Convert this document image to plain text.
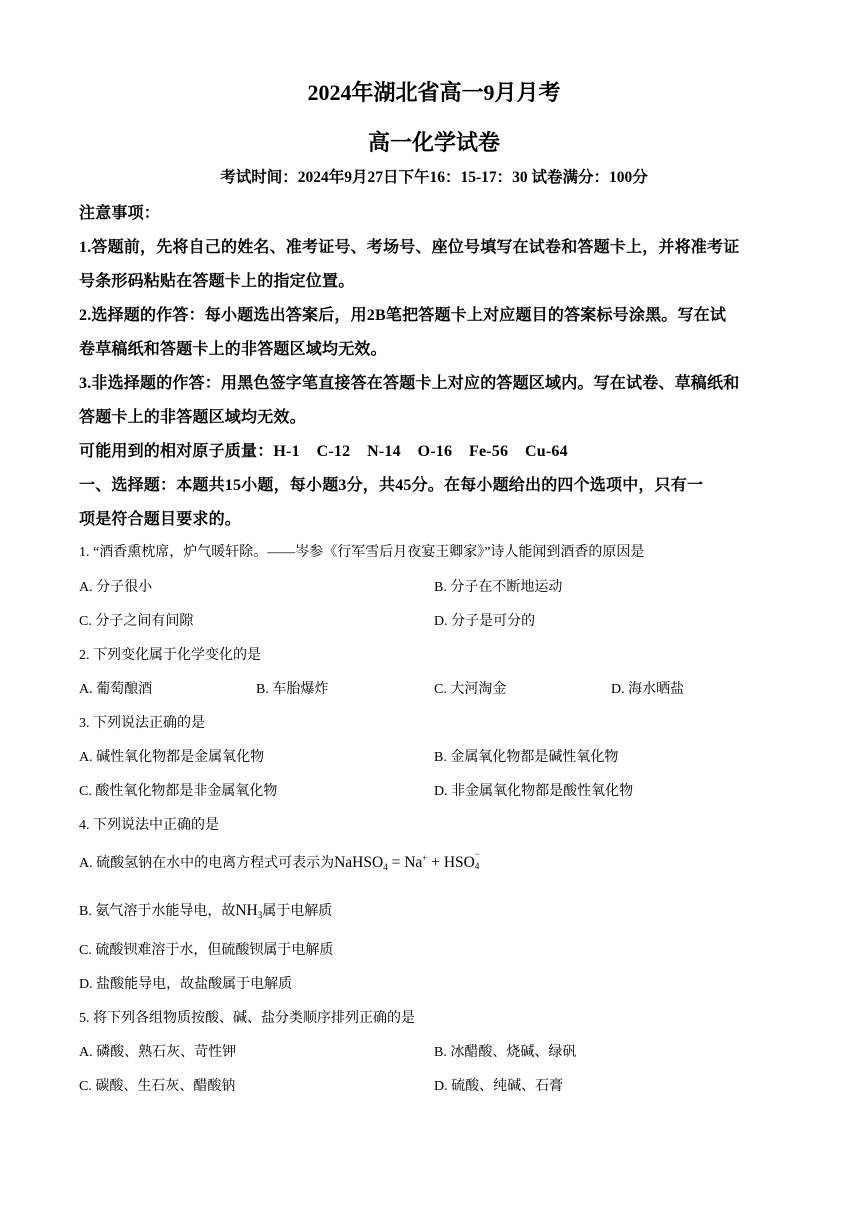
2024年湖北省高一9月月考
高一化学试卷
考试时间：2024年9月27日下午16：15-17：30 试卷满分：100分
注意事项：
1.答题前，先将自己的姓名、准考证号、考场号、座位号填写在试卷和答题卡上，并将准考证
号条形码粘贴在答题卡上的指定位置。
2.选择题的作答：每小题选出答案后，用2B笔把答题卡上对应题目的答案标号涂黑。写在试
卷草稿纸和答题卡上的非答题区域均无效。
3.非选择题的作答：用黑色签字笔直接答在答题卡上对应的答题区域内。写在试卷、草稿纸和
答题卡上的非答题区域均无效。
可能用到的相对原子质量：H-1 C-12 N-14 O-16 Fe-56 Cu-64
一、选择题：本题共15小题，每小题3分，共45分。在每小题给出的四个选项中，只有一
项是符合题目要求的。
1. “酒香熏枕席，炉气暖轩除。——岑参《行军雪后月夜宴王卿家》”诗人能闻到酒香的原因是
A. 分子很小	B. 分子在不断地运动
C. 分子之间有间隙	D. 分子是可分的
2. 下列变化属于化学变化的是
A. 葡萄酿酒	B. 车胎爆炸	C. 大河淘金	D. 海水晒盐
3. 下列说法正确的是
A. 碱性氧化物都是金属氧化物	B. 金属氧化物都是碱性氧化物
C. 酸性氧化物都是非金属氧化物	D. 非金属氧化物都是酸性氧化物
4. 下列说法中正确的是
A. 硫酸氢钠在水中的电离方程式可表示为NaHSO$_4$ = Na+ + HSO −
4
B. 氨气溶于水能导电，故$NH_3$属于电解质
C. 硫酸钡难溶于水，但硫酸钡属于电解质
D. 盐酸能导电，故盐酸属于电解质
5. 将下列各组物质按酸、碱、盐分类顺序排列正确的是
A. 磷酸、熟石灰、苛性钾	B. 冰醋酸、烧碱、绿矾
C. 碳酸、生石灰、醋酸钠	D. 硫酸、纯碱、石膏
